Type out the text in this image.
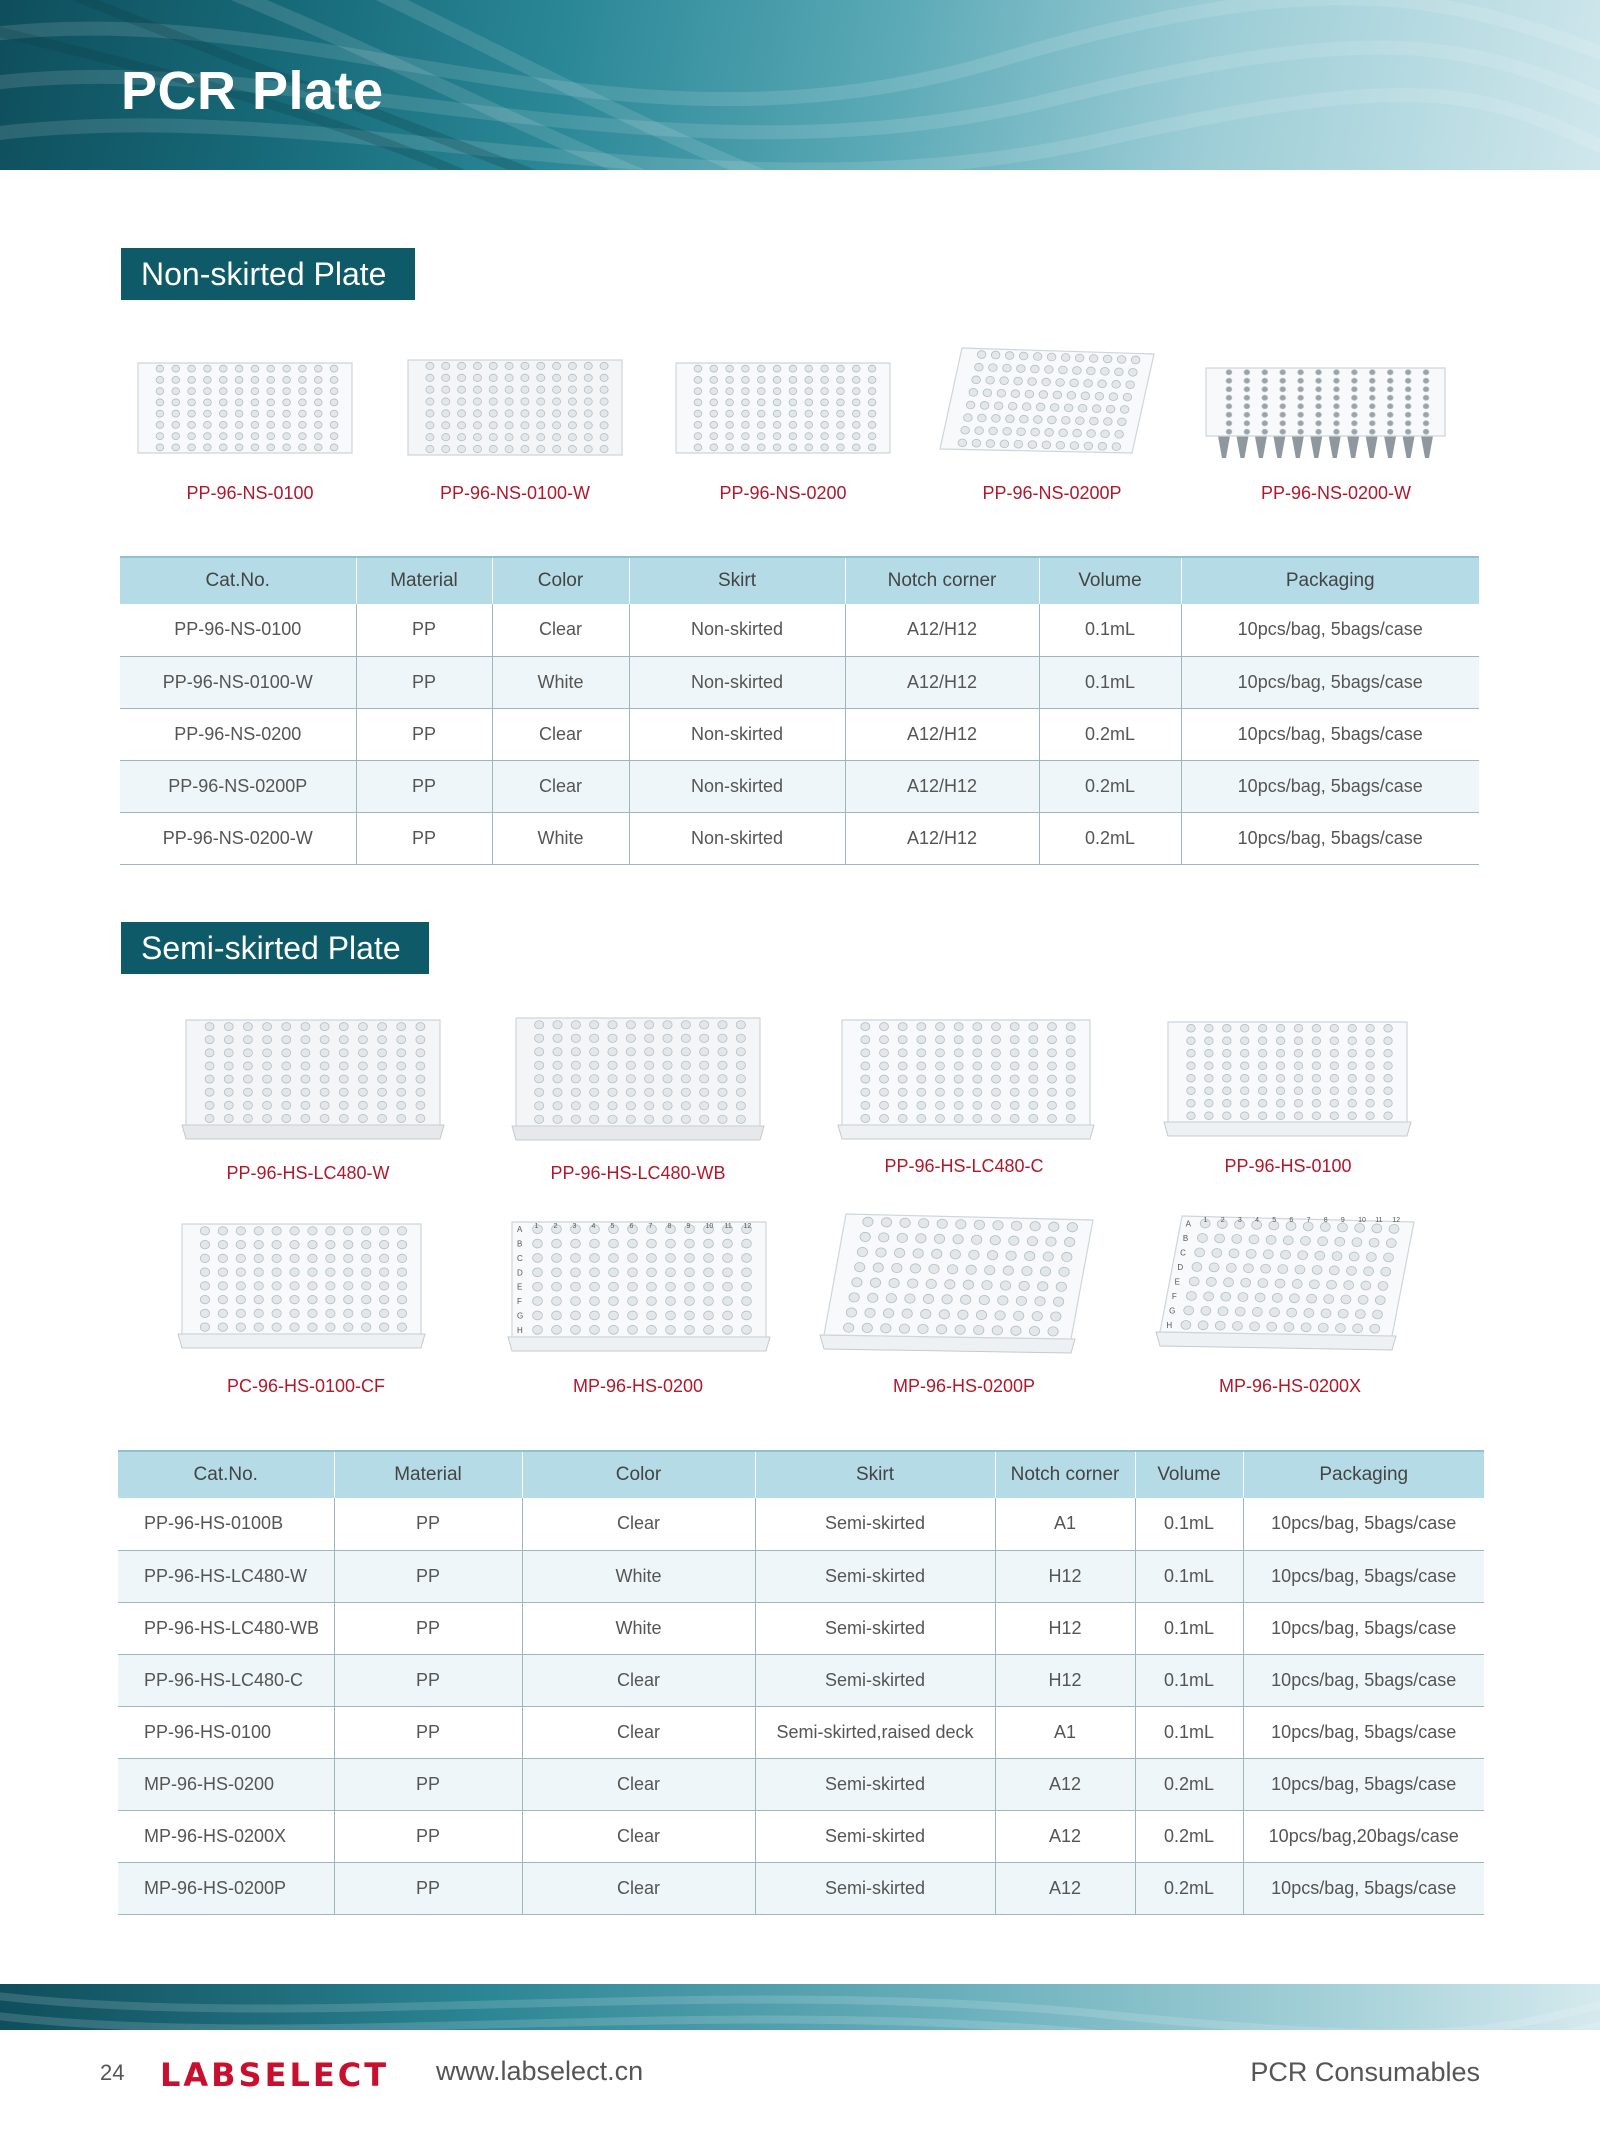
PCR Plate
Non-skirted Plate
PP-96-NS-0100	PP-96-NS-0100-W	PP-96-NS-0200	PP-96-NS-0200P	PP-96-NS-0200-W
Cat.No.	Material	Color	Skirt	Notch corner	Volume	Packaging
PP-96-NS-0100	PP	Clear	Non-skirted	A12/H12	0.1mL	10pcs/bag, 5bags/case
PP-96-NS-0100-W	PP	White	Non-skirted	A12/H12	0.1mL	10pcs/bag, 5bags/case
PP-96-NS-0200	PP	Clear	Non-skirted	A12/H12	0.2mL	10pcs/bag, 5bags/case
PP-96-NS-0200P	PP	Clear	Non-skirted	A12/H12	0.2mL	10pcs/bag, 5bags/case
PP-96-NS-0200-W	PP	White	Non-skirted	A12/H12	0.2mL	10pcs/bag, 5bags/case
Semi-skirted Plate
PP-96-HS-LC480-W	PP-96-HS-LC480-WB	PP-96-HS-LC480-C	PP-96-HS-0100
A
B
C
D
E
F
G
H
1 2 3 4 5 6 7 8 9 10 11 12	A
B
C
D
E
F
G
H
1 2 3 4 5 6 7 8 9 10 11 12
PC-96-HS-0100-CF	MP-96-HS-0200	MP-96-HS-0200P	MP-96-HS-0200X
Cat.No.	Material	Color	Skirt	Notch corner	Volume	Packaging
PP-96-HS-0100B	PP	Clear	Semi-skirted	A1	0.1mL	10pcs/bag, 5bags/case
PP-96-HS-LC480-W	PP	White	Semi-skirted	H12	0.1mL	10pcs/bag, 5bags/case
PP-96-HS-LC480-WB	PP	White	Semi-skirted	H12	0.1mL	10pcs/bag, 5bags/case
PP-96-HS-LC480-C	PP	Clear	Semi-skirted	H12	0.1mL	10pcs/bag, 5bags/case
PP-96-HS-0100	PP	Clear	Semi-skirted,raised deck	A1	0.1mL	10pcs/bag, 5bags/case
MP-96-HS-0200	PP	Clear	Semi-skirted	A12	0.2mL	10pcs/bag, 5bags/case
MP-96-HS-0200X	PP	Clear	Semi-skirted	A12	0.2mL	10pcs/bag,20bags/case
MP-96-HS-0200P	PP	Clear	Semi-skirted	A12	0.2mL	10pcs/bag, 5bags/case
24 LABSELECT www.labselect.cn	PCR Consumables
